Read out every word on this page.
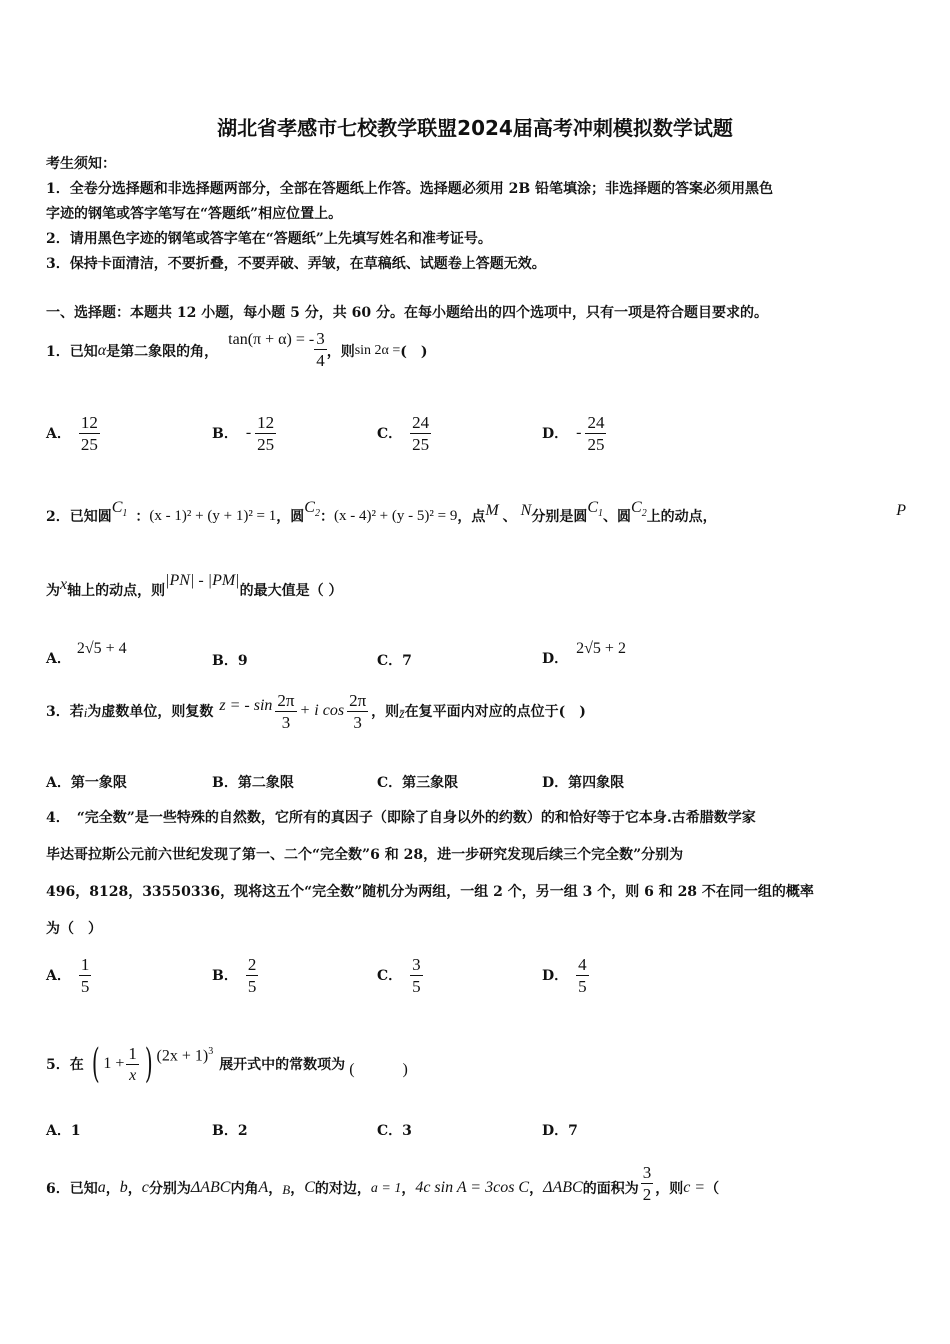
湖北省孝感市七校教学联盟2024届高考冲刺模拟数学试题
考生须知：
1．全卷分选择题和非选择题两部分，全部在答题纸上作答。选择题必须用 2B 铅笔填涂；非选择题的答案必须用黑色
字迹的钢笔或答字笔写在“答题纸”相应位置上。
2．请用黑色字迹的钢笔或答字笔在“答题纸”上先填写姓名和准考证号。
3．保持卡面清洁，不要折叠，不要弄破、弄皱，在草稿纸、试题卷上答题无效。
一、选择题：本题共 12 小题，每小题 5 分，共 60 分。在每小题给出的四个选项中，只有一项是符合题目要求的。
1．已知 α 是第二象限的角，
tan(π + α) = - $\frac{3}{4}$ ，则 sin 2α = (　)
A． $\frac{12}{25}$	B． - $\frac{12}{25}$	C． $\frac{24}{25}$	D． - $\frac{24}{25}$
2．已知圆
$C_1$ ： (x - 1)² + (y + 1)² = 1 ，圆
$C_2$ ： (x - 4)² + (y - 5)² = 9 ，点 M 、 N 分别是圆
$C_1$ 、圆
$C_2$ 上的动点，	P
为 x 轴上的动点，则
|PN| - |PM|
的最大值是（ ）
A．
2√5 + 4
B．9	C．7	D．
2√5 + 2
3．若 i 为虚数单位，则复数 z = - $\sin \frac{2\pi}{3} + i$ $\cos \frac{2\pi}{3}$ ，则 z̄ 在复平面内对应的点位于(　)
A．第一象限	B．第二象限	C．第三象限	D．第四象限
4．　“完全数”是一些特殊的自然数，它所有的真因子（即除了自身以外的约数）的和恰好等于它本身.古希腊数学家
毕达哥拉斯公元前六世纪发现了第一、二个“完全数”6 和 28，进一步研究发现后续三个完全数”分别为
496，8128，33550336，现将这五个“完全数”随机分为两组，一组 2 个，另一组 3 个，则 6 和 28 不在同一组的概率
为（　）
A． $\frac{1}{5}$	B． $\frac{2}{5}$	C． $\frac{3}{5}$	D． $\frac{4}{5}$
5．在 ( $1 + \frac{1}{x}$ ) $(2x + 1)^3$
展开式中的常数项为 (　　　)
A．1	B．2	C．3	D．7
6．已知 a ， b ， c 分别为 ΔABC 内角 A ， B ， C 的对边， a = 1 ， 4c sin A = 3cos C ， ΔABC 的面积为 $\frac{3}{2}$ ，则 c = （
